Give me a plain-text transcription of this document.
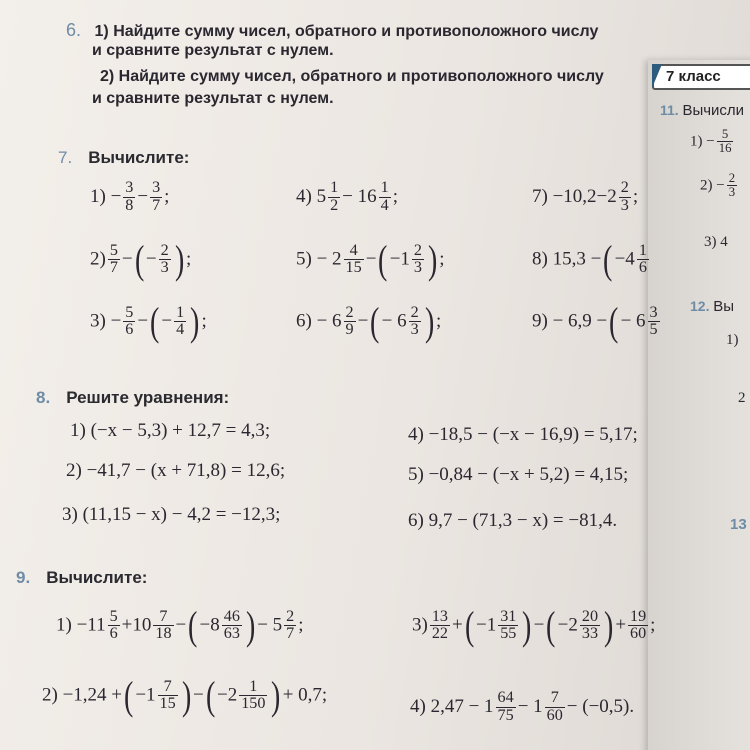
7 класс
11. Вычисли
$1) - \frac{5}{16}$
$2) - \frac{2}{3}$
3) 4
12. Вы
1)
2
13
6. 1) Найдите сумму чисел, обратного и противоположного числу
и сравните результат с нулем.
2) Найдите сумму чисел, обратного и противоположного числу
и сравните результат с нулем.
7. Вычислите:
$1) - \frac{3}{8} - \frac{3}{7}$ ;
$2) \frac{5}{7}$ −( − $\frac{2}{3}$ ) ;
$3) - \frac{5}{6}$ −( − $\frac{1}{4}$ ) ;
4) $5 \frac{1}{2} - 16 \frac{1}{4}$ ;
$5) - 2 \frac{4}{15}$ −( $-1 \frac{2}{3}$ ) ;
$6) - 6 \frac{2}{9}$ −( − $6 \frac{2}{3}$ ) ;
$7) -10,2-2 \frac{2}{3}$ ;
8) 15,3 −( $-4 \frac{1}{6}$
9) − 6,9 −( − $6 \frac{3}{5}$
8. Решите уравнения:
1) (−x − 5,3) + 12,7 = 4,3;
2) −41,7 − (x + 71,8) = 12,6;
3) (11,15 − x) − 4,2 = −12,3;
4) −18,5 − (−x − 16,9) = 5,17;
5) −0,84 − (−x + 5,2) = 4,15;
6) 9,7 − (71,3 − x) = −81,4.
9. Вычислите:
$1) -11 \frac{5}{6} +10 \frac{7}{18}$ −( $-8 \frac{46}{63}$ ) − $5 \frac{2}{7}$ ;	$3) \frac{13}{22}$ +( $-1 \frac{31}{55}$ ) −( $-2 \frac{20}{33}$ ) + $\frac{19}{60}$ ;
2) −1,24 +( $-1 \frac{7}{15}$ ) −( $-2 \frac{1}{150}$ ) + 0,7;
4) $2,47 - 1 \frac{64}{75} - 1 \frac{7}{60} - (-0,5)$.
